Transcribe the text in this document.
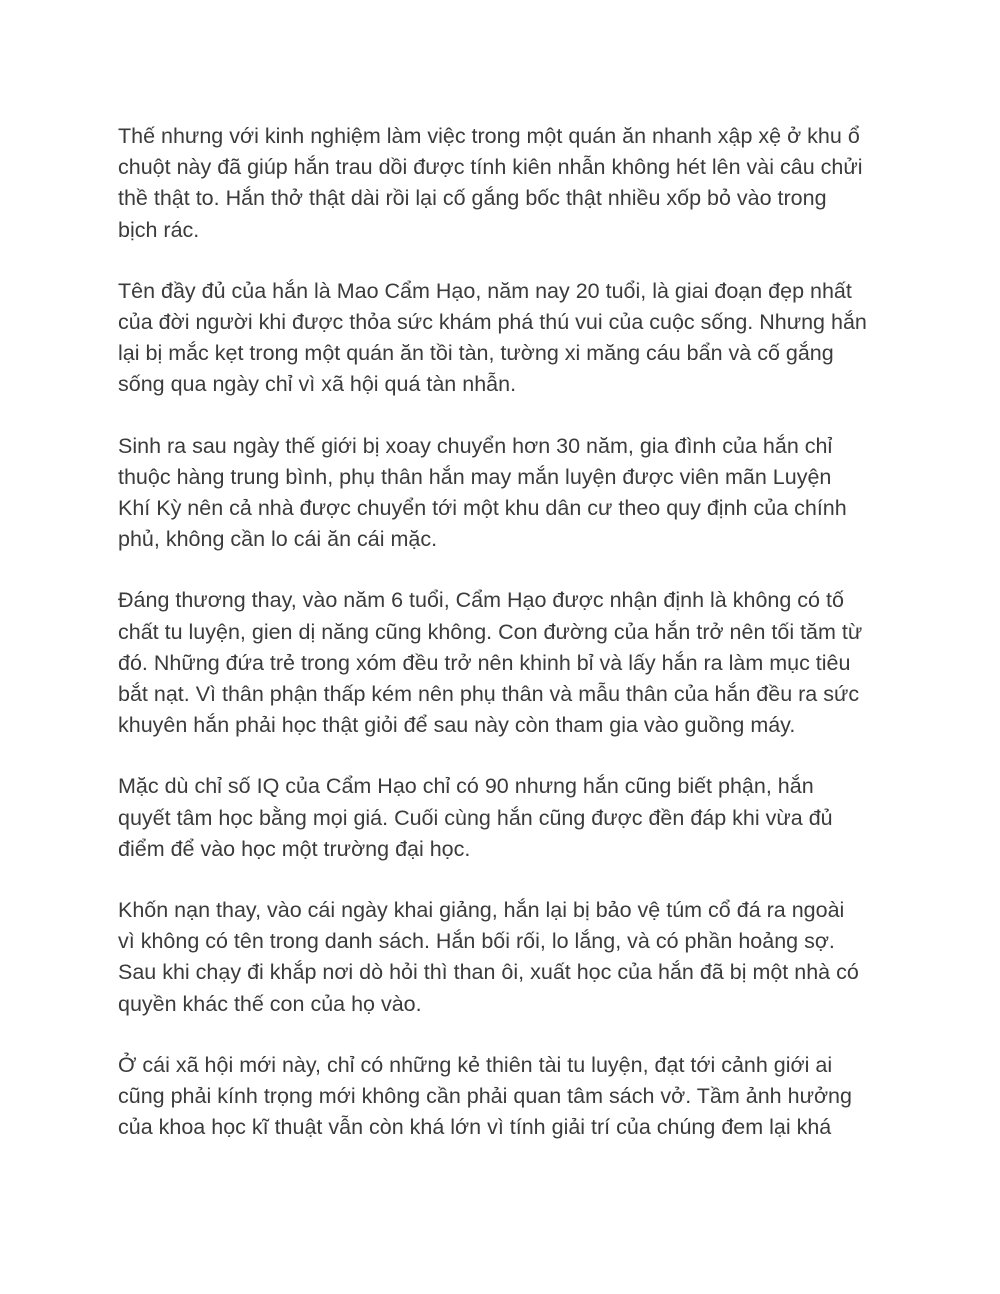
Thế nhưng với kinh nghiệm làm việc trong một quán ăn nhanh xập xệ ở khu ổ
chuột này đã giúp hắn trau dồi được tính kiên nhẫn không hét lên vài câu chửi
thề thật to. Hắn thở thật dài rồi lại cố gắng bốc thật nhiều xốp bỏ vào trong
bịch rác.

Tên đầy đủ của hắn là Mao Cẩm Hạo, năm nay 20 tuổi, là giai đoạn đẹp nhất
của đời người khi được thỏa sức khám phá thú vui của cuộc sống. Nhưng hắn
lại bị mắc kẹt trong một quán ăn tồi tàn, tường xi măng cáu bẩn và cố gắng
sống qua ngày chỉ vì xã hội quá tàn nhẫn.

Sinh ra sau ngày thế giới bị xoay chuyển hơn 30 năm, gia đình của hắn chỉ
thuộc hàng trung bình, phụ thân hắn may mắn luyện được viên mãn Luyện
Khí Kỳ nên cả nhà được chuyển tới một khu dân cư theo quy định của chính
phủ, không cần lo cái ăn cái mặc.

Đáng thương thay, vào năm 6 tuổi, Cẩm Hạo được nhận định là không có tố
chất tu luyện, gien dị năng cũng không. Con đường của hắn trở nên tối tăm từ
đó. Những đứa trẻ trong xóm đều trở nên khinh bỉ và lấy hắn ra làm mục tiêu
bắt nạt. Vì thân phận thấp kém nên phụ thân và mẫu thân của hắn đều ra sức
khuyên hắn phải học thật giỏi để sau này còn tham gia vào guồng máy.

Mặc dù chỉ số IQ của Cẩm Hạo chỉ có 90 nhưng hắn cũng biết phận, hắn
quyết tâm học bằng mọi giá. Cuối cùng hắn cũng được đền đáp khi vừa đủ
điểm để vào học một trường đại học.

Khốn nạn thay, vào cái ngày khai giảng, hắn lại bị bảo vệ túm cổ đá ra ngoài
vì không có tên trong danh sách. Hắn bối rối, lo lắng, và có phần hoảng sợ.
Sau khi chạy đi khắp nơi dò hỏi thì than ôi, xuất học của hắn đã bị một nhà có
quyền khác thế con của họ vào.

Ở cái xã hội mới này, chỉ có những kẻ thiên tài tu luyện, đạt tới cảnh giới ai
cũng phải kính trọng mới không cần phải quan tâm sách vở. Tầm ảnh hưởng
của khoa học kĩ thuật vẫn còn khá lớn vì tính giải trí của chúng đem lại khá
